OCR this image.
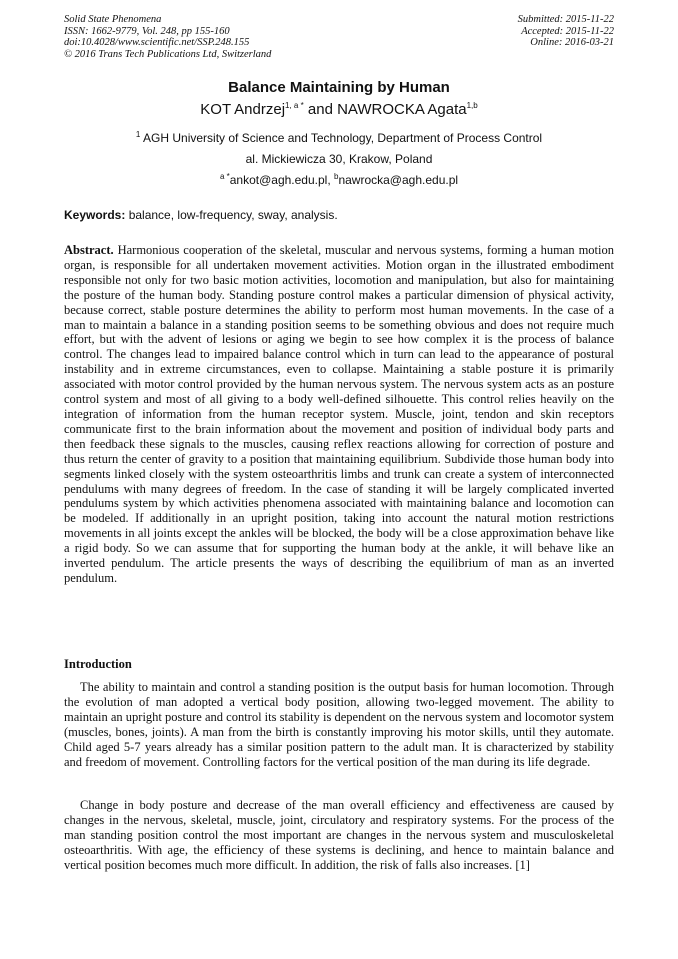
Solid State Phenomena
ISSN: 1662-9779, Vol. 248, pp 155-160
doi:10.4028/www.scientific.net/SSP.248.155
© 2016 Trans Tech Publications Ltd, Switzerland
Submitted: 2015-11-22
Accepted: 2015-11-22
Online: 2016-03-21
Balance Maintaining by Human
KOT Andrzej$^{1, a *}$ and NAWROCKA Agata$^{1,b}$
$^1$ AGH University of Science and Technology, Department of Process Control
al. Mickiewicza 30, Krakow, Poland
$^{a *}$ankot@agh.edu.pl, $^b$nawrocka@agh.edu.pl
Keywords: balance, low-frequency, sway, analysis.
Abstract. Harmonious cooperation of the skeletal, muscular and nervous systems, forming a human motion organ, is responsible for all undertaken movement activities. Motion organ in the illustrated embodiment responsible not only for two basic motion activities, locomotion and manipulation, but also for maintaining the posture of the human body. Standing posture control makes a particular dimension of physical activity, because correct, stable posture determines the ability to perform most human movements. In the case of a man to maintain a balance in a standing position seems to be something obvious and does not require much effort, but with the advent of lesions or aging we begin to see how complex it is the process of balance control. The changes lead to impaired balance control which in turn can lead to the appearance of postural instability and in extreme circumstances, even to collapse. Maintaining a stable posture it is primarily associated with motor control provided by the human nervous system. The nervous system acts as an posture control system and most of all giving to a body well-defined silhouette. This control relies heavily on the integration of information from the human receptor system. Muscle, joint, tendon and skin receptors communicate first to the brain information about the movement and position of individual body parts and then feedback these signals to the muscles, causing reflex reactions allowing for correction of posture and thus return the center of gravity to a position that maintaining equilibrium. Subdivide those human body into segments linked closely with the system osteoarthritis limbs and trunk can create a system of interconnected pendulums with many degrees of freedom. In the case of standing it will be largely complicated inverted pendulums system by which activities phenomena associated with maintaining balance and locomotion can be modeled. If additionally in an upright position, taking into account the natural motion restrictions movements in all joints except the ankles will be blocked, the body will be a close approximation behave like a rigid body. So we can assume that for supporting the human body at the ankle, it will behave like an inverted pendulum. The article presents the ways of describing the equilibrium of man as an inverted pendulum.
Introduction
The ability to maintain and control a standing position is the output basis for human locomotion. Through the evolution of man adopted a vertical body position, allowing two-legged movement. The ability to maintain an upright posture and control its stability is dependent on the nervous system and locomotor system (muscles, bones, joints). A man from the birth is constantly improving his motor skills, until they automate. Child aged 5-7 years already has a similar position pattern to the adult man. It is characterized by stability and freedom of movement. Controlling factors for the vertical position of the man during its life degrade.
Change in body posture and decrease of the man overall efficiency and effectiveness are caused by changes in the nervous, skeletal, muscle, joint, circulatory and respiratory systems. For the process of the man standing position control the most important are changes in the nervous system and musculoskeletal osteoarthritis. With age, the efficiency of these systems is declining, and hence to maintain balance and vertical position becomes much more difficult. In addition, the risk of falls also increases. [1]
